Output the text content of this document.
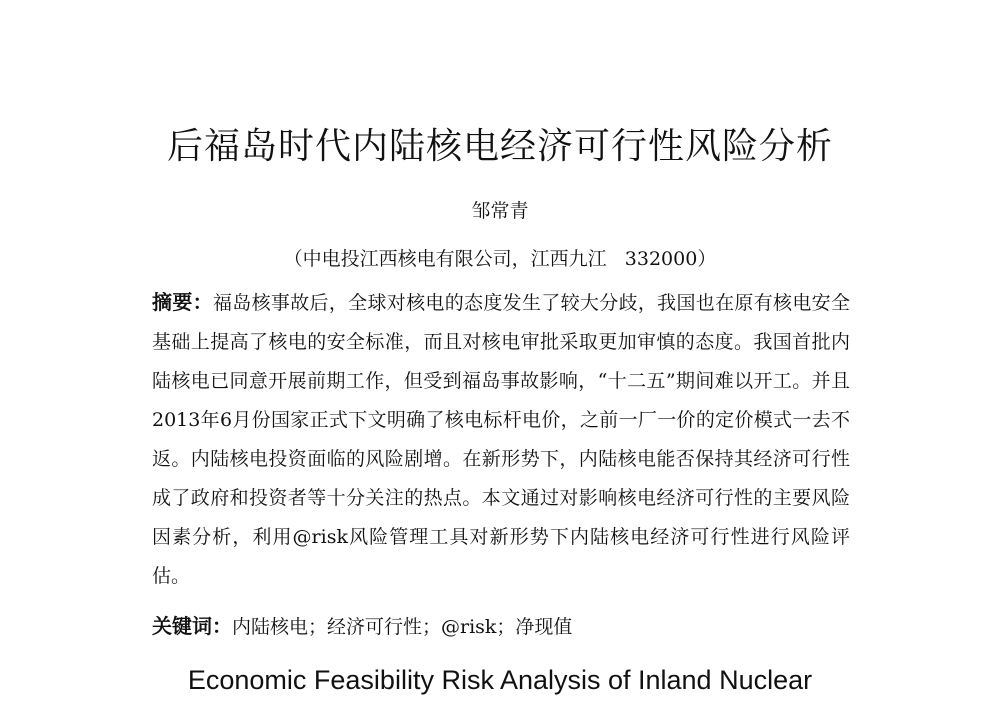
后福岛时代内陆核电经济可行性风险分析
邹常青
（中电投江西核电有限公司，江西九江   332000）

摘要：福岛核事故后，全球对核电的态度发生了较大分歧，我国也在原有核电安全基础上提高了核电的安全标准，而且对核电审批采取更加审慎的态度。我国首批内陆核电已同意开展前期工作，但受到福岛事故影响，“十二五”期间难以开工。并且2013年6月份国家正式下文明确了核电标杆电价，之前一厂一价的定价模式一去不返。内陆核电投资面临的风险剧增。在新形势下，内陆核电能否保持其经济可行性成了政府和投资者等十分关注的热点。本文通过对影响核电经济可行性的主要风险因素分析，利用@risk风险管理工具对新形势下内陆核电经济可行性进行风险评估。

关键词：内陆核电；经济可行性；@risk；净现值
Economic Feasibility Risk Analysis of Inland Nuclear
